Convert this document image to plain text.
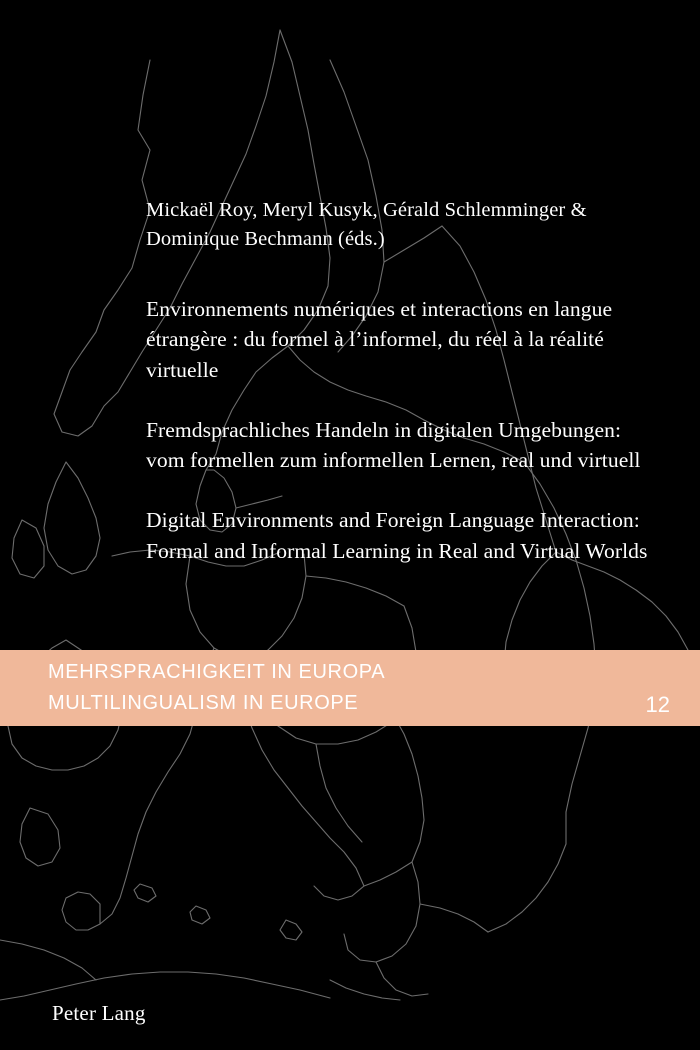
Mickaël Roy, Meryl Kusyk, Gérald Schlemminger & Dominique Bechmann (éds.)
Environnements numériques et interactions en langue étrangère : du formel à l’informel, du réel à la réalité virtuelle
Fremdsprachliches Handeln in digitalen Umgebungen: vom formellen zum informellen Lernen, real und virtuell
Digital Environments and Foreign Language Interaction: Formal and Informal Learning in Real and Virtual Worlds
MEHRSPRACHIGKEIT IN EUROPA
MULTILINGUALISM IN EUROPE	12
Peter Lang
